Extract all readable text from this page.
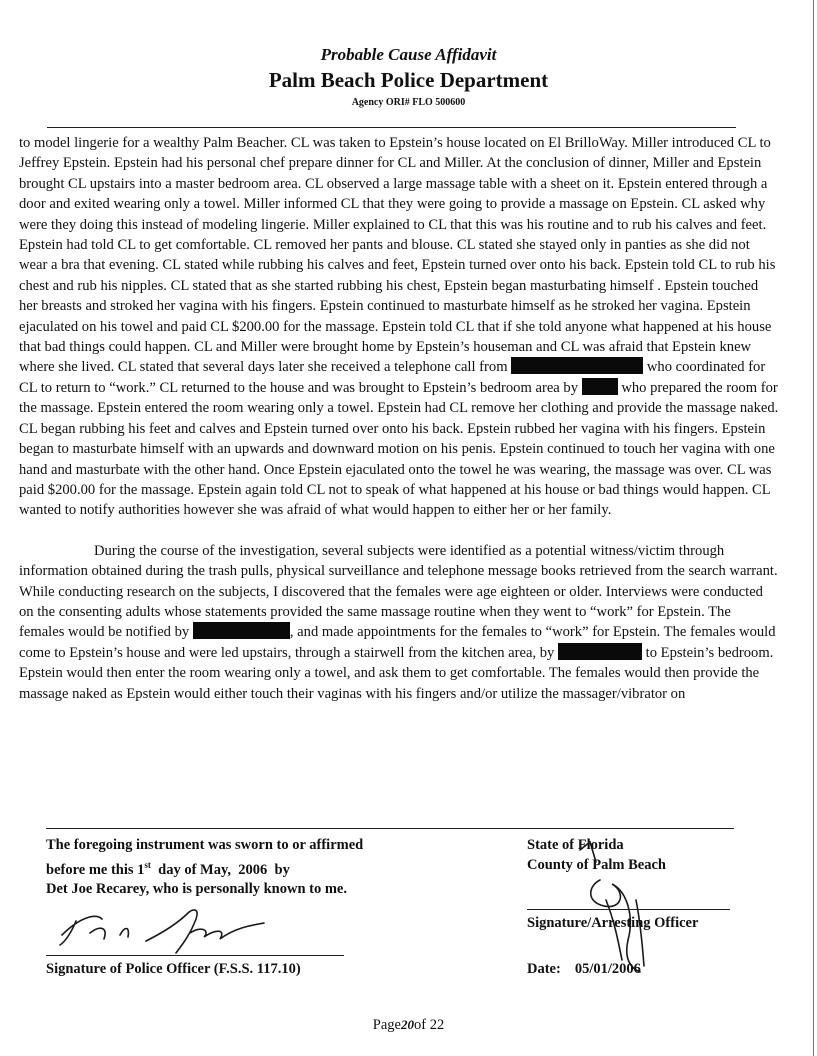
Probable Cause Affidavit
Palm Beach Police Department
Agency ORI# FLO 500600

to model lingerie for a wealthy Palm Beacher. CL was taken to Epstein’s house located on El BrilloWay. Miller introduced CL to Jeffrey Epstein. Epstein had his personal chef prepare dinner for CL and Miller. At the conclusion of dinner, Miller and Epstein brought CL upstairs into a master bedroom area. CL observed a large massage table with a sheet on it. Epstein entered through a door and exited wearing only a towel. Miller informed CL that they were going to provide a massage on Epstein. CL asked why were they doing this instead of modeling lingerie. Miller explained to CL that this was his routine and to rub his calves and feet. Epstein had told CL to get comfortable. CL removed her pants and blouse. CL stated she stayed only in panties as she did not wear a bra that evening. CL stated while rubbing his calves and feet, Epstein turned over onto his back. Epstein told CL to rub his chest and rub his nipples. CL stated that as she started rubbing his chest, Epstein began masturbating himself . Epstein touched her breasts and stroked her vagina with his fingers. Epstein continued to masturbate himself as he stroked her vagina. Epstein ejaculated on his towel and paid CL $200.00 for the massage. Epstein told CL that if she told anyone what happened at his house that bad things could happen. CL and Miller were brought home by Epstein’s houseman and CL was afraid that Epstein knew where she lived. CL stated that several days later she received a telephone call from	who coordinated for CL to return to “work.” CL returned to the house and was brought to Epstein’s bedroom area by	who prepared the room for the massage. Epstein entered the room wearing only a towel. Epstein had CL remove her clothing and provide the massage naked. CL began rubbing his feet and calves and Epstein turned over onto his back. Epstein rubbed her vagina with his fingers. Epstein began to masturbate himself with an upwards and downward motion on his penis. Epstein continued to touch her vagina with one hand and masturbate with the other hand. Once Epstein ejaculated onto the towel he was wearing, the massage was over. CL was paid $200.00 for the massage. Epstein again told CL not to speak of what happened at his house or bad things would happen. CL wanted to notify authorities however she was afraid of what would happen to either her or her family.

During the course of the investigation, several subjects were identified as a potential witness/victim through information obtained during the trash pulls, physical surveillance and telephone message books retrieved from the search warrant. While conducting research on the subjects, I discovered that the females were age eighteen or older. Interviews were conducted on the consenting adults whose statements provided the same massage routine when they went to “work” for Epstein. The females would be notified by	, and made appointments for the females to “work” for Epstein. The females would come to Epstein’s house and were led upstairs, through a stairwell from the kitchen area, by	to Epstein’s bedroom. Epstein would then enter the room wearing only a towel, and ask them to get comfortable. The females would then provide the massage naked as Epstein would either touch their vaginas with his fingers and/or utilize the massager/vibrator on

The foregoing instrument was sworn to or affirmed
before me this 1st  day of May,  2006  by
Det Joe Recarey, who is personally known to me.
State of Florida
County of Palm Beach
Signature of Police Officer (F.S.S. 117.10)
Signature/Arresting Officer
Date: 05/01/2006
Page20of 22
